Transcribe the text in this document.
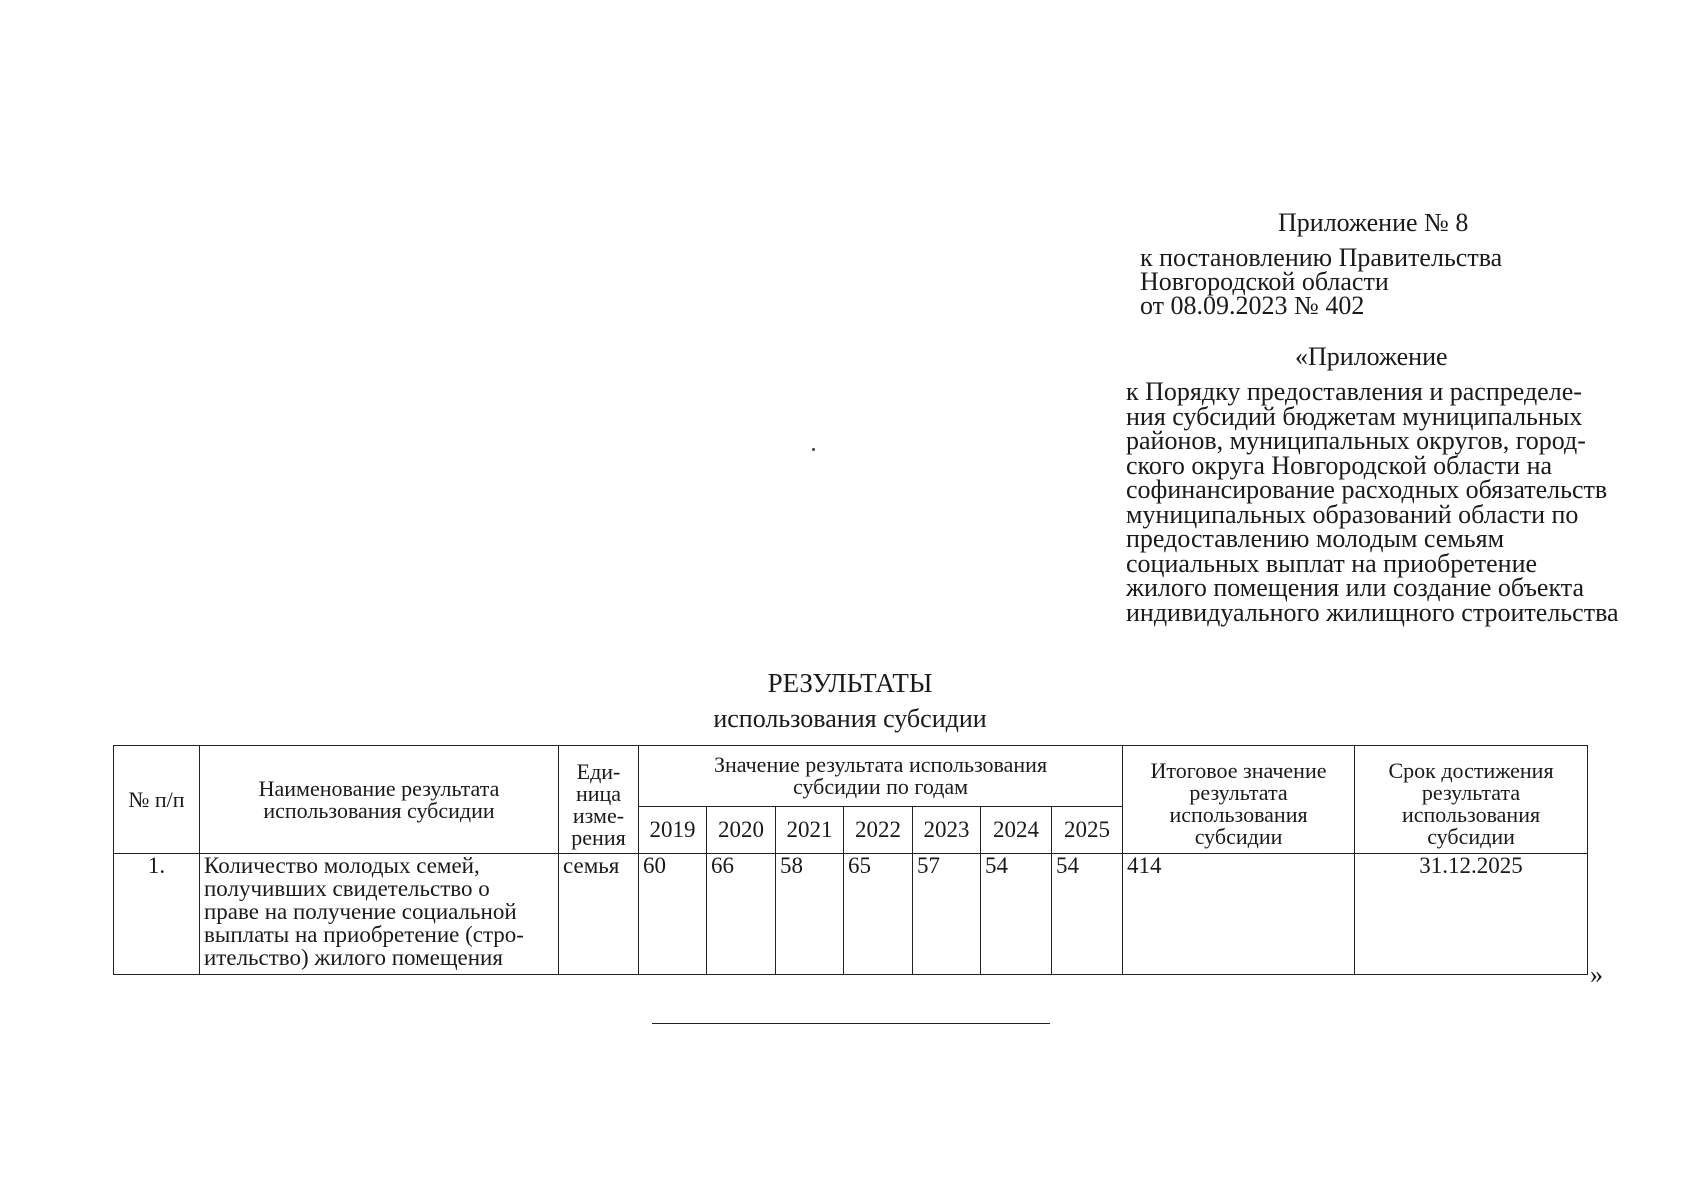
Приложение № 8
к постановлению Правительства
Новгородской области
от 08.09.2023 № 402
«Приложение
к Порядку предоставления и распределе-
ния субсидий бюджетам муниципальных
районов, муниципальных округов, город-
ского округа Новгородской области на
софинансирование расходных обязательств
муниципальных образований области по
предоставлению молодым семьям
социальных выплат на приобретение
жилого помещения или создание объекта
индивидуального жилищного строительства
РЕЗУЛЬТАТЫ
использования субсидии
№ п/п	Наименование результата использования субсидии	Еди-ница изме-рения	Значение результата использования субсидии по годам							Итоговое значение результата использования субсидии	Срок достижения результата использования субсидии
			2019	2020	2021	2022	2023	2024	2025		
1.	Количество молодых семей,
получивших свидетельство о
праве на получение социальной
выплаты на приобретение (стро-
ительство) жилого помещения	семья	60	66	58	65	57	54	54	414	31.12.2025
»
